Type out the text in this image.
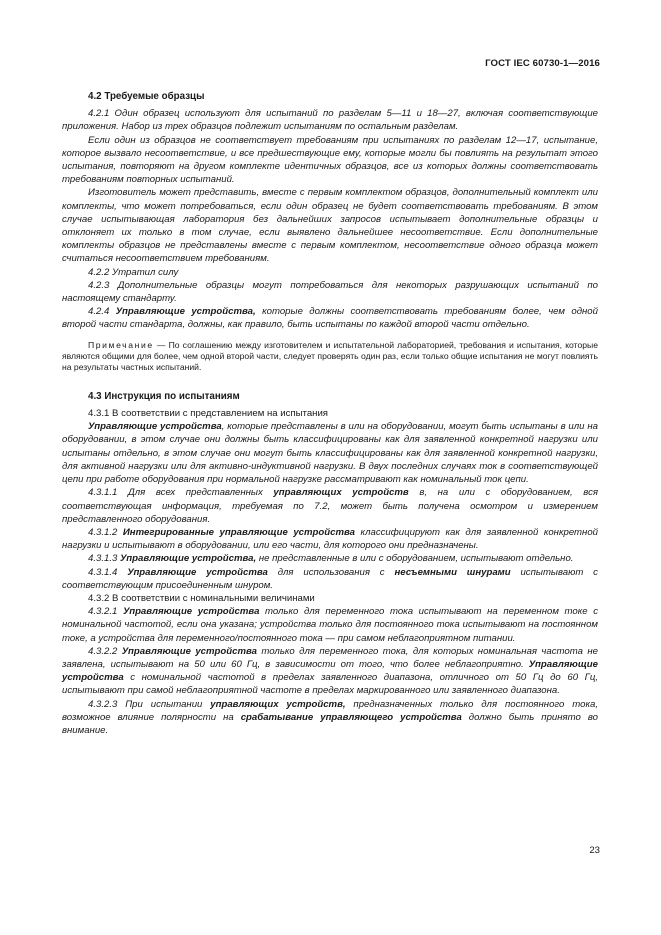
ГОСТ IEC 60730-1—2016

4.2 Требуемые образцы

4.2.1 Один образец используют для испытаний по разделам 5—11 и 18—27, включая соответствующие приложения. Набор из трех образцов подлежит испытаниям по остальным разделам.

Если один из образцов не соответствует требованиям при испытаниях по разделам 12—17, испытание, которое вызвало несоответствие, и все предшествующие ему, которые могли бы повлиять на результат этого испытания, повторяют на другом комплекте идентичных образцов, все из которых должны соответствовать требованиям повторных испытаний.

Изготовитель может представить, вместе с первым комплектом образцов, дополнительный комплект или комплекты, что может потребоваться, если один образец не будет соответствовать требованиям. В этом случае испытывающая лаборатория без дальнейших запросов испытывает дополнительные образцы и отклоняет их только в том случае, если выявлено дальнейшее несоответствие. Если дополнительные комплекты образцов не представлены вместе с первым комплектом, несоответствие одного образца может считаться несоответствием требованиям.

4.2.2 Утратил силу

4.2.3 Дополнительные образцы могут потребоваться для некоторых разрушающих испытаний по настоящему стандарту.

4.2.4 Управляющие устройства, которые должны соответствовать требованиям более, чем одной второй части стандарта, должны, как правило, быть испытаны по каждой второй части отдельно.

Примечание — По соглашению между изготовителем и испытательной лабораторией, требования и испытания, которые являются общими для более, чем одной второй части, следует проверять один раз, если только общие испытания не могут повлиять на результаты частных испытаний.

4.3 Инструкция по испытаниям

4.3.1 В соответствии с представлением на испытания

Управляющие устройства, которые представлены в или на оборудовании, могут быть испытаны в или на оборудовании, в этом случае они должны быть классифицированы как для заявленной конкретной нагрузки или испытаны отдельно, в этом случае они могут быть классифицированы как для заявленной конкретной нагрузки, для активной нагрузки или для активно-индуктивной нагрузки. В двух последних случаях ток в соответствующей цепи при работе оборудования при нормальной нагрузке рассматривают как номинальный ток цепи.

4.3.1.1 Для всех представленных управляющих устройств в, на или с оборудованием, вся соответствующая информация, требуемая по 7.2, может быть получена осмотром и измерением представленного оборудования.

4.3.1.2 Интегрированные управляющие устройства классифицируют как для заявленной конкретной нагрузки и испытывают в оборудовании, или его части, для которого они предназначены.

4.3.1.3 Управляющие устройства, не представленные в или с оборудованием, испытывают отдельно.

4.3.1.4 Управляющие устройства для использования с несъемными шнурами испытывают с соответствующим присоединенным шнуром.

4.3.2 В соответствии с номинальными величинами

4.3.2.1 Управляющие устройства только для переменного тока испытывают на переменном токе с номинальной частотой, если она указана; устройства только для постоянного тока испытывают на постоянном токе, а устройства для переменного/постоянного тока — при самом неблагоприятном питании.

4.3.2.2 Управляющие устройства только для переменного тока, для которых номинальная частота не заявлена, испытывают на 50 или 60 Гц, в зависимости от того, что более неблагоприятно. Управляющие устройства с номинальной частотой в пределах заявленного диапазона, отличного от 50 Гц до 60 Гц, испытывают при самой неблагоприятной частоте в пределах маркированного или заявленного диапазона.

4.3.2.3 При испытании управляющих устройств, предназначенных только для постоянного тока, возможное влияние полярности на срабатывание управляющего устройства должно быть принято во внимание.

23
